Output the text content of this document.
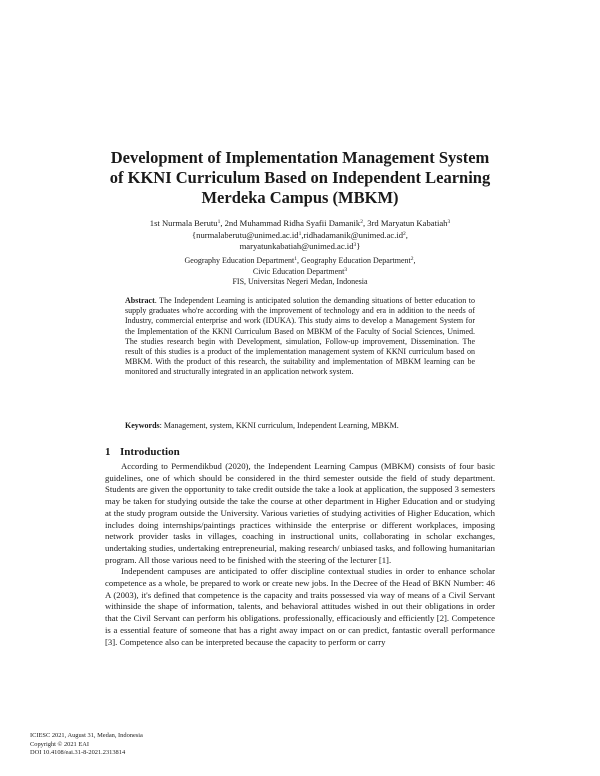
Development of Implementation Management System
of KKNI Curriculum Based on Independent Learning
Merdeka Campus (MBKM)
1st Nurmala Berutu$^1$, 2nd Muhammad Ridha Syafii Damanik$^2$, 3rd Maryatun Kabatiah$^3$
{$nurmalaberutu@unimed.ac.id^1,ridhadamanik@unimed.ac.id^2$,
$maryatunkabatiah@unimed.ac.id^3$}
Geography Education Department$^1$, Geography Education Department$^2$,
Civic Education Department$^3$
FIS, Universitas Negeri Medan, Indonesia
Abstract. The Independent Learning is anticipated solution the demanding situations of better education to supply graduates who're according with the improvement of technology and era in addition to the needs of Industry, commercial enterprise and work (IDUKA). This study aims to develop a Management System for the Implementation of the KKNI Curriculum Based on MBKM of the Faculty of Social Sciences, Unimed. The studies research begin with Development, simulation, Follow-up improvement, Dissemination. The result of this studies is a product of the implementation management system of KKNI curriculum based on MBKM. With the product of this research, the suitability and implementation of MBKM learning can be monitored and structurally integrated in an application network system.
Keywords: Management, system, KKNI curriculum, Independent Learning, MBKM.
1 Introduction

According to Permendikbud (2020), the Independent Learning Campus (MBKM) consists of four basic guidelines, one of which should be considered in the third semester outside the field of study department. Students are given the opportunity to take credit outside the take a look at application, the supposed 3 semesters may be taken for studying outside the take the course at other department in Higher Education and or studying at the study program outside the University. Various varieties of studying activities of Higher Education, which includes doing internships/paintings practices withinside the enterprise or different workplaces, imposing network provider tasks in villages, coaching in instructional units, collaborating in scholar exchanges, undertaking studies, undertaking entrepreneurial, making research/ unbiased tasks, and following humanitarian program. All those various need to be finished with the steering of the lecturer [1].

Independent campuses are anticipated to offer discipline contextual studies in order to enhance scholar competence as a whole, be prepared to work or create new jobs. In the Decree of the Head of BKN Number: 46 A (2003), it's defined that competence is the capacity and traits possessed via way of means of a Civil Servant withinside the shape of information, talents, and behavioral attitudes wished in out their obligations in order that the Civil Servant can perform his obligations. professionally, efficaciously and efficiently [2]. Competence is a essential feature of someone that has a right away impact on or can predict, fantastic overall performance [3]. Competence also can be interpreted because the capacity to perform or carry

ICIESC 2021, August 31, Medan, Indonesia
Copyright © 2021 EAI
DOI 10.4108/eai.31-8-2021.2313814
